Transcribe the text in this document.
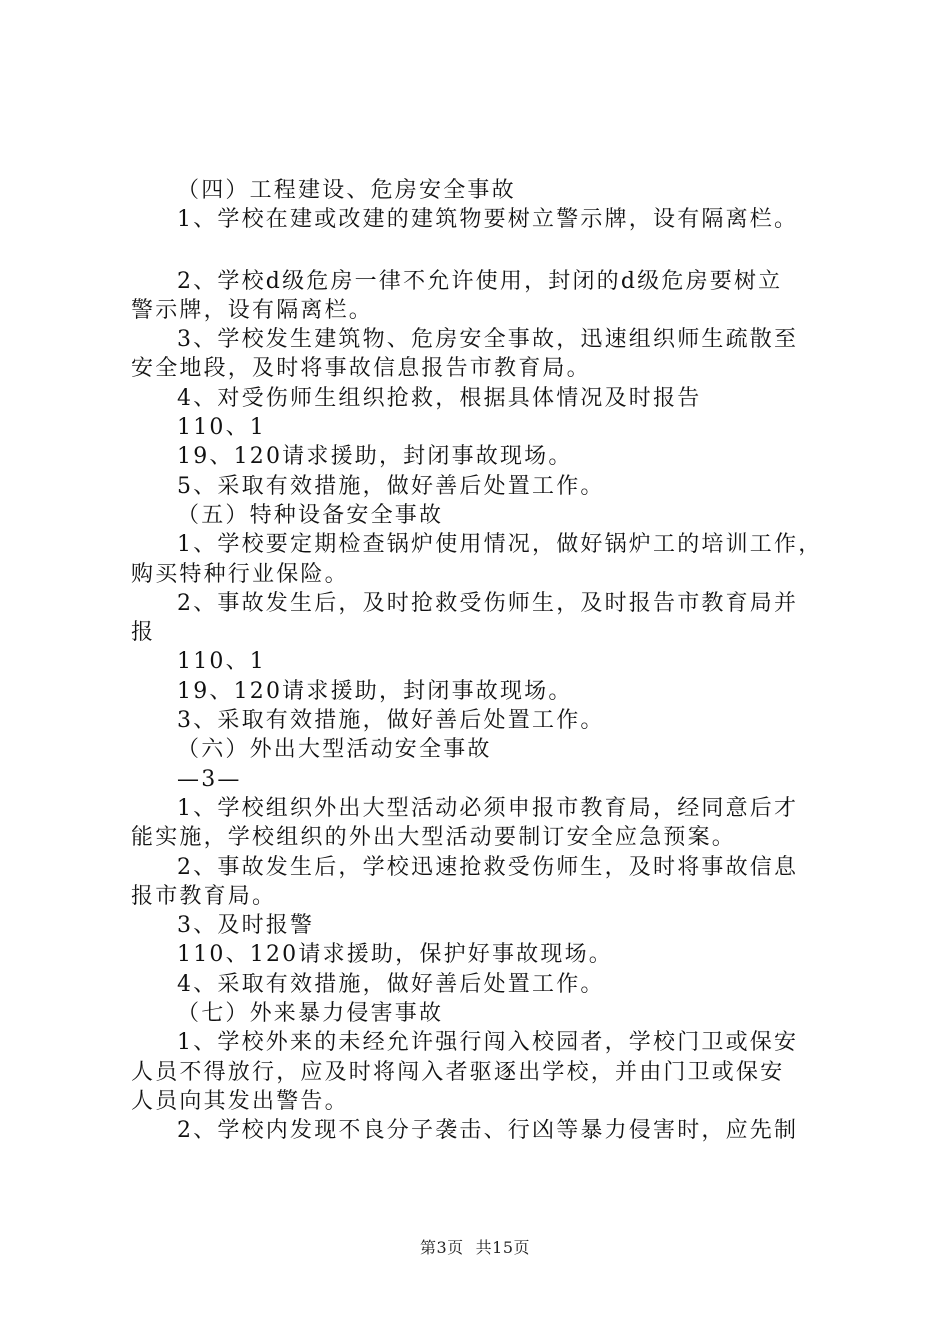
（四）工程建设、危房安全事故

1、学校在建或改建的建筑物要树立警示牌，设有隔离栏。

2、学校d级危房一律不允许使用，封闭的d级危房要树立

警示牌，设有隔离栏。

3、学校发生建筑物、危房安全事故，迅速组织师生疏散至

安全地段，及时将事故信息报告市教育局。

4、对受伤师生组织抢救，根据具体情况及时报告

110、1

19、120请求援助，封闭事故现场。

5、采取有效措施，做好善后处置工作。

（五）特种设备安全事故

1、学校要定期检查锅炉使用情况，做好锅炉工的培训工作，

购买特种行业保险。

2、事故发生后，及时抢救受伤师生，及时报告市教育局并

报

110、1

19、120请求援助，封闭事故现场。

3、采取有效措施，做好善后处置工作。

（六）外出大型活动安全事故

—3—

1、学校组织外出大型活动必须申报市教育局，经同意后才

能实施，学校组织的外出大型活动要制订安全应急预案。

2、事故发生后，学校迅速抢救受伤师生，及时将事故信息

报市教育局。

3、及时报警

110、120请求援助，保护好事故现场。

4、采取有效措施，做好善后处置工作。

（七）外来暴力侵害事故

1、学校外来的未经允许强行闯入校园者，学校门卫或保安

人员不得放行，应及时将闯入者驱逐出学校，并由门卫或保安

人员向其发出警告。

2、学校内发现不良分子袭击、行凶等暴力侵害时，应先制

第3页 共15页
